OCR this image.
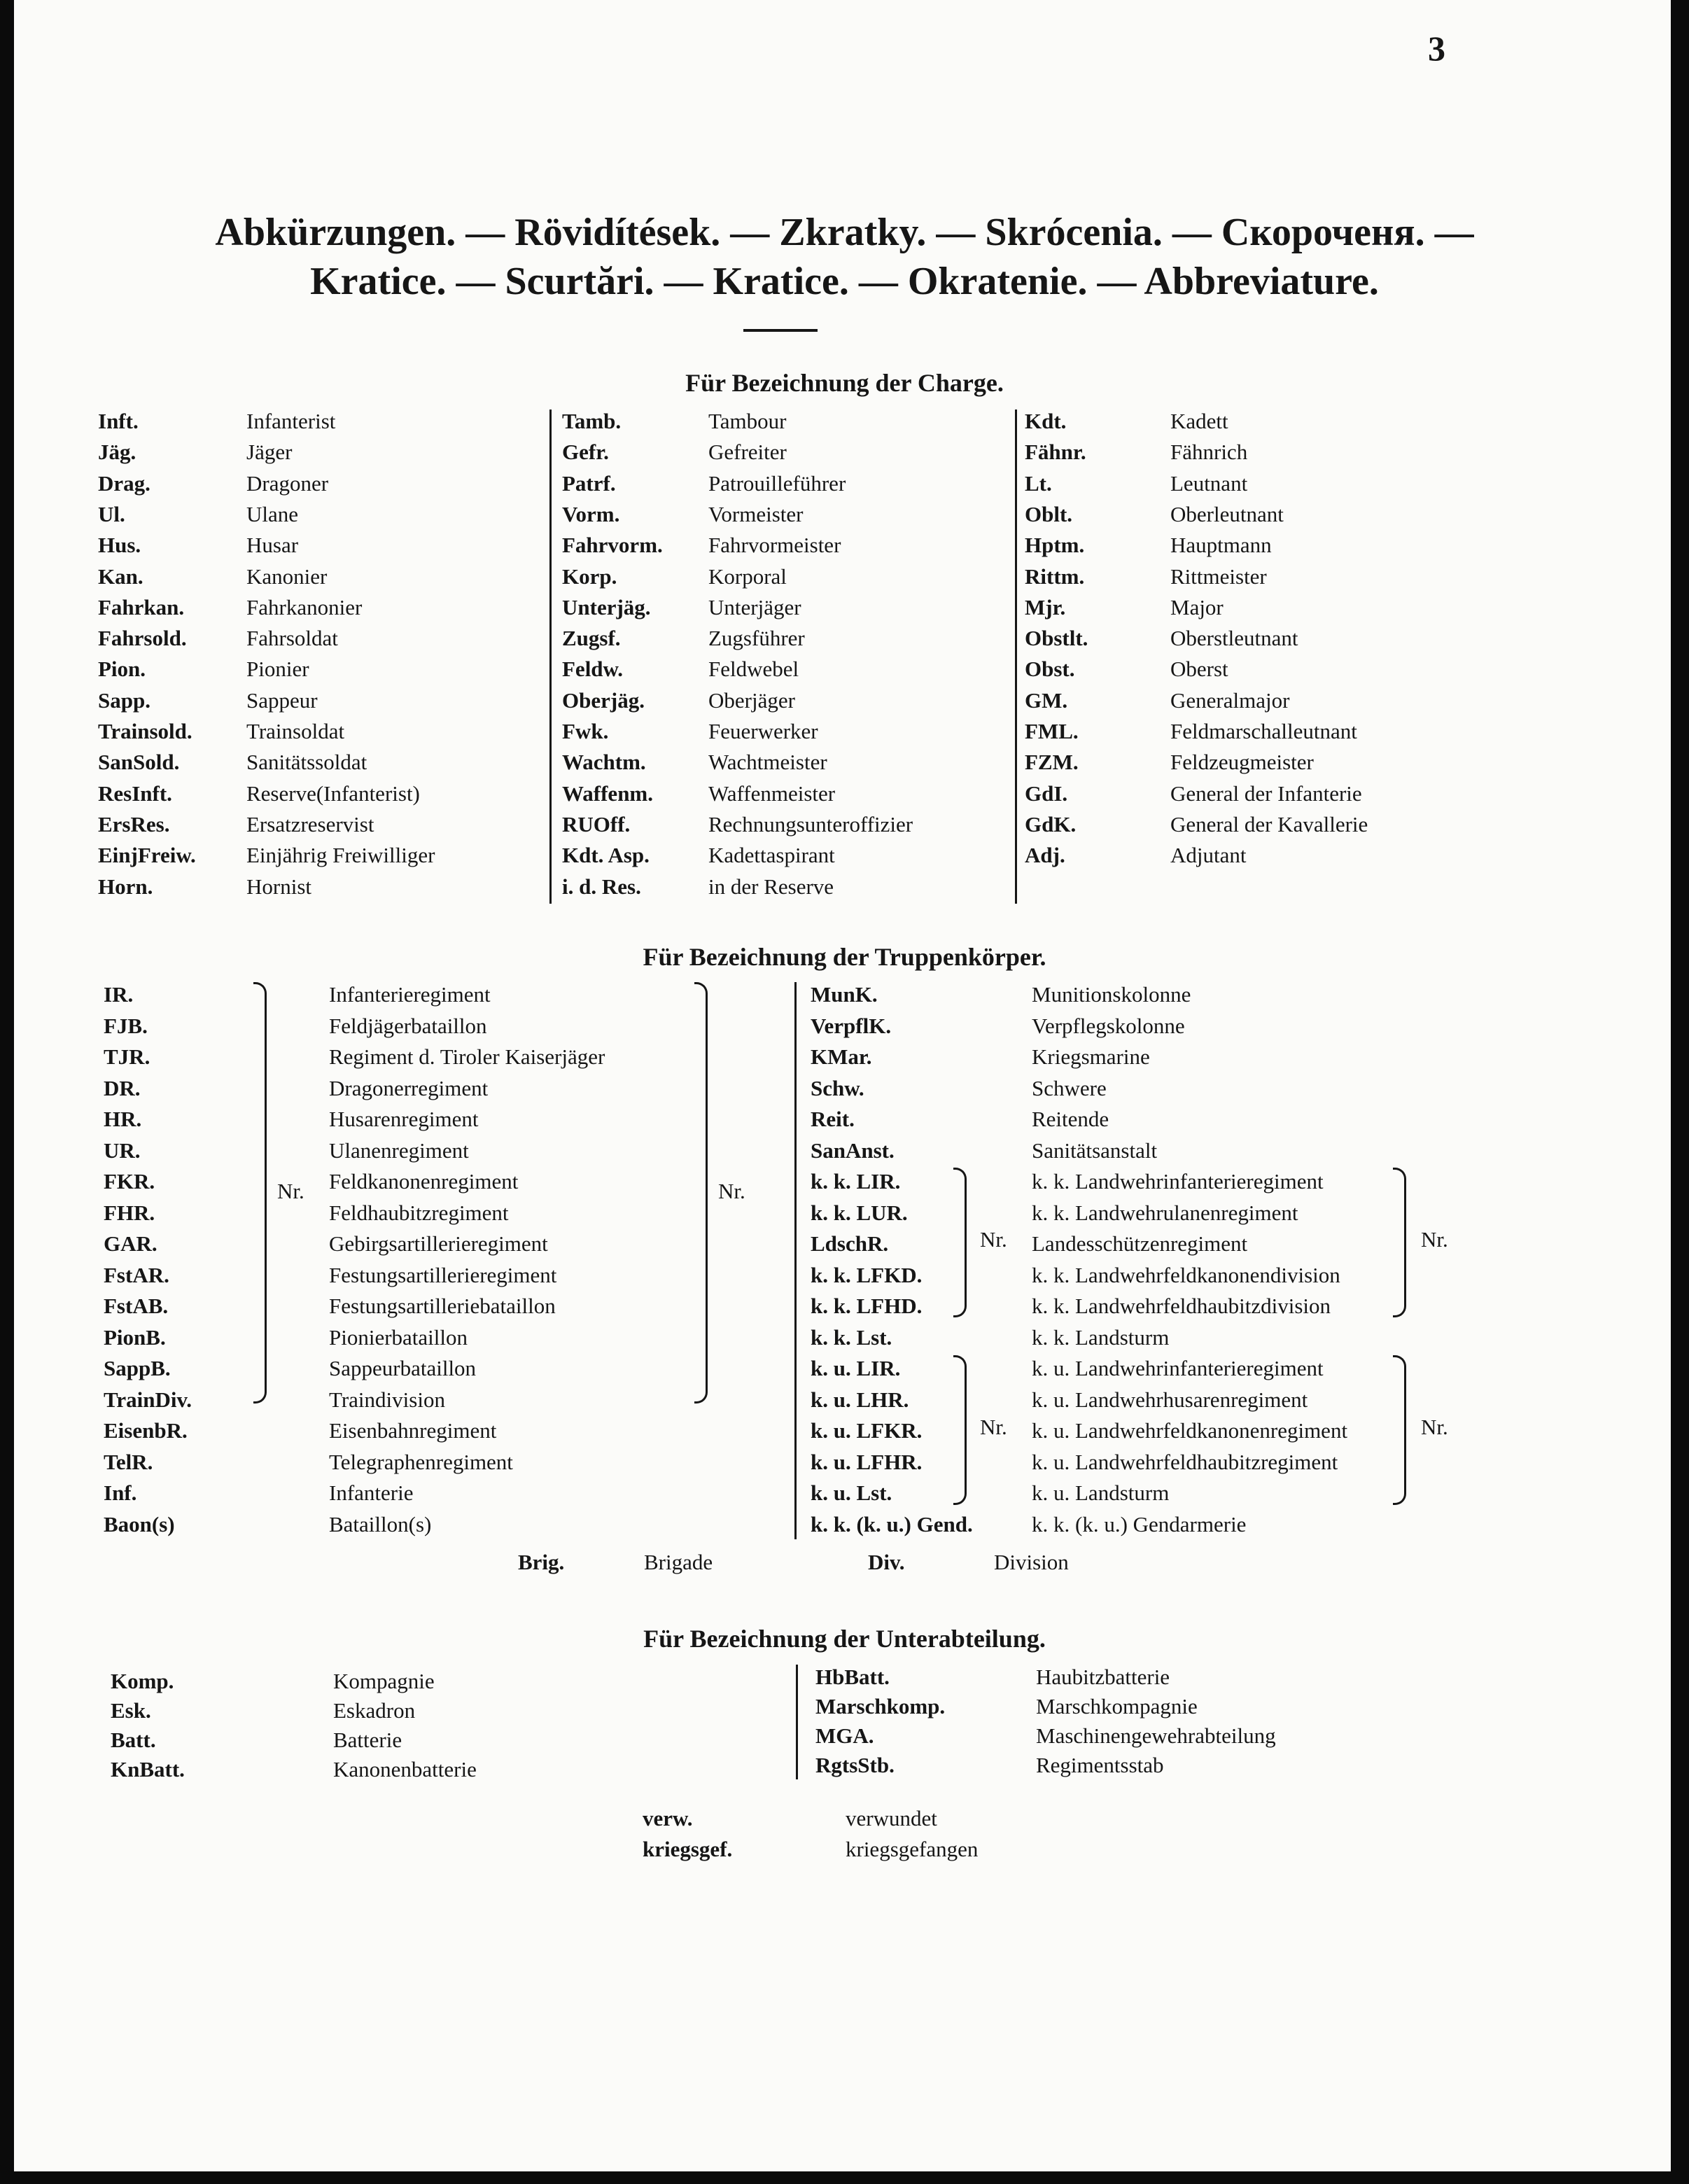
3
Abkürzungen. — Rövidítések. — Zkratky. — Skrócenia. — Скороченя. —
Kratice. — Scurtări. — Kratice. — Okratenie. — Abbreviature.
Für Bezeichnung der Charge.
Inft.	Infanterist
Jäg.	Jäger
Drag.	Dragoner
Ul.	Ulane
Hus.	Husar
Kan.	Kanonier
Fahrkan.	Fahrkanonier
Fahrsold.	Fahrsoldat
Pion.	Pionier
Sapp.	Sappeur
Trainsold. Trainsoldat
SanSold.	Sanitätssoldat
ResInft.	Reserve(Infanterist)
ErsRes.	Ersatzreservist
EinjFreiw. Einjährig Freiwilliger
Horn.	Hornist
Tamb.	Tambour
Gefr.	Gefreiter
Patrf.	Patrouilleführer
Vorm.	Vormeister
Fahrvorm. Fahrvormeister
Korp.	Korporal
Unterjäg.	Unterjäger
Zugsf.	Zugsführer
Feldw.	Feldwebel
Oberjäg.	Oberjäger
Fwk.	Feuerwerker
Wachtm.	Wachtmeister
Waffenm.	Waffenmeister
RUOff.	Rechnungsunteroffizier
Kdt. Asp.	Kadettaspirant
i. d. Res.	in der Reserve
Kdt.	Kadett
Fähnr.	Fähnrich
Lt.	Leutnant
Oblt.	Oberleutnant
Hptm.	Hauptmann
Rittm.	Rittmeister
Mjr.	Major
Obstlt.	Oberstleutnant
Obst.	Oberst
GM.	Generalmajor
FML.	Feldmarschalleutnant
FZM.	Feldzeugmeister
GdI.	General der Infanterie
GdK.	General der Kavallerie
Adj.	Adjutant
Für Bezeichnung der Truppenkörper.
Nr.	Nr.
Nr.	Nr.
Nr.	Nr.
Brig.	Brigade	Div.	Division
IR.	Infanterieregiment
FJB.	Feldjägerbataillon
TJR.	Regiment d. Tiroler Kaiserjäger
DR.	Dragonerregiment
HR.	Husarenregiment
UR.	Ulanenregiment
FKR.	Feldkanonenregiment
FHR.	Feldhaubitzregiment
GAR.	Gebirgsartillerieregiment
FstAR.	Festungsartillerieregiment
FstAB.	Festungsartilleriebataillon
PionB.	Pionierbataillon
SappB.	Sappeurbataillon
TrainDiv.	Traindivision
EisenbR.	Eisenbahnregiment
TelR.	Telegraphenregiment
Inf.	Infanterie
Baon(s)	Bataillon(s)
MunK.	Munitionskolonne
VerpflK.	Verpflegskolonne
KMar.	Kriegsmarine
Schw.	Schwere
Reit.	Reitende
SanAnst.	Sanitätsanstalt
k. k. LIR.	k. k. Landwehrinfanterieregiment
k. k. LUR.	k. k. Landwehrulanenregiment
LdschR.	Landesschützenregiment
k. k. LFKD.	k. k. Landwehrfeldkanonendivision
k. k. LFHD.	k. k. Landwehrfeldhaubitzdivision
k. k. Lst.	k. k. Landsturm
k. u. LIR.	k. u. Landwehrinfanterieregiment
k. u. LHR.	k. u. Landwehrhusarenregiment
k. u. LFKR.	k. u. Landwehrfeldkanonenregiment
k. u. LFHR.	k. u. Landwehrfeldhaubitzregiment
k. u. Lst.	k. u. Landsturm
k. k. (k. u.) Gend.	k. k. (k. u.) Gendarmerie
Für Bezeichnung der Unterabteilung.
verw.	verwundet
kriegsgef.	kriegsgefangen
Komp.	Kompagnie
Esk.	Eskadron
Batt.	Batterie
KnBatt.	Kanonenbatterie
HbBatt.	Haubitzbatterie
Marschkomp.	Marschkompagnie
MGA.	Maschinengewehrabteilung
RgtsStb.	Regimentsstab
